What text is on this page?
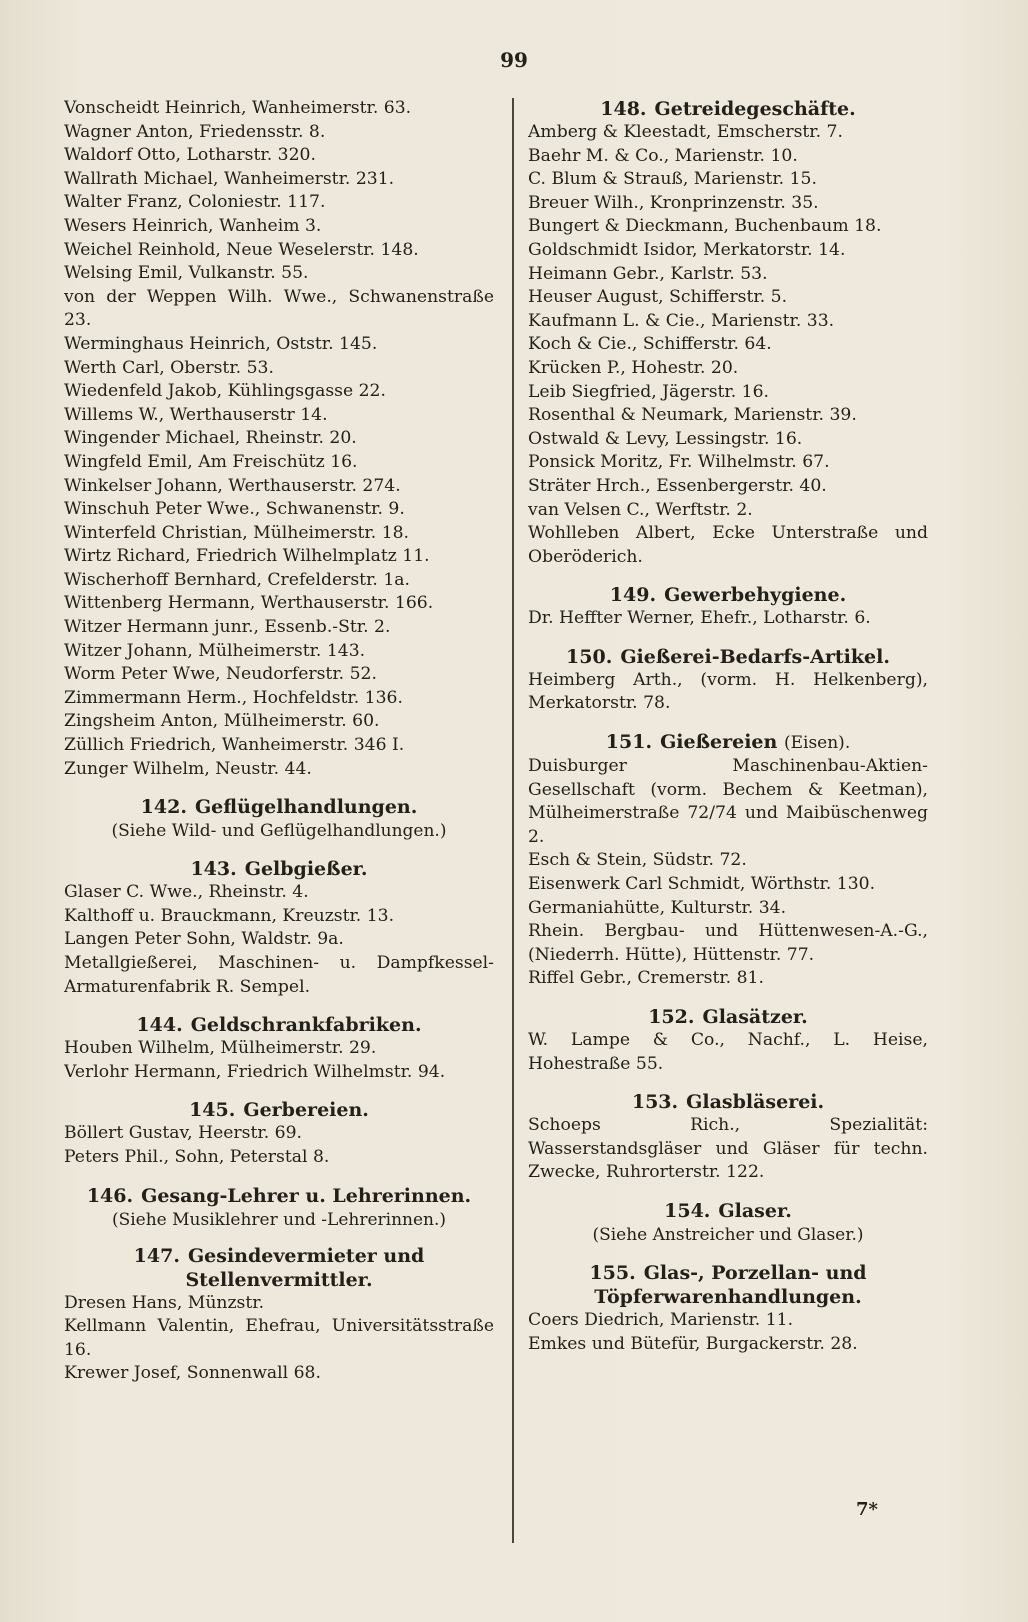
99
Vonscheidt Heinrich, Wanheimerstr. 63.
Wagner Anton, Friedensstr. 8.
Waldorf Otto, Lotharstr. 320.
Wallrath Michael, Wanheimerstr. 231.
Walter Franz, Coloniestr. 117.
Wesers Heinrich, Wanheim 3.
Weichel Reinhold, Neue Weselerstr. 148.
Welsing Emil, Vulkanstr. 55.
von der Weppen Wilh. Wwe., Schwanenstraße 23.
Werminghaus Heinrich, Oststr. 145.
Werth Carl, Oberstr. 53.
Wiedenfeld Jakob, Kühlingsgasse 22.
Willems W., Werthauserstr 14.
Wingender Michael, Rheinstr. 20.
Wingfeld Emil, Am Freischütz 16.
Winkelser Johann, Werthauserstr. 274.
Winschuh Peter Wwe., Schwanenstr. 9.
Winterfeld Christian, Mülheimerstr. 18.
Wirtz Richard, Friedrich Wilhelmplatz 11.
Wischerhoff Bernhard, Crefelderstr. 1a.
Wittenberg Hermann, Werthauserstr. 166.
Witzer Hermann junr., Essenb.-Str. 2.
Witzer Johann, Mülheimerstr. 143.
Worm Peter Wwe, Neudorferstr. 52.
Zimmermann Herm., Hochfeldstr. 136.
Zingsheim Anton, Mülheimerstr. 60.
Züllich Friedrich, Wanheimerstr. 346 I.
Zunger Wilhelm, Neustr. 44.
142. Geflügelhandlungen.
(Siehe Wild- und Geflügelhandlungen.)
143. Gelbgießer.
Glaser C. Wwe., Rheinstr. 4.
Kalthoff u. Brauckmann, Kreuzstr. 13.
Langen Peter Sohn, Waldstr. 9a.
Metallgießerei, Maschinen- u. Dampfkessel-Armaturenfabrik R. Sempel.
144. Geldschrankfabriken.
Houben Wilhelm, Mülheimerstr. 29.
Verlohr Hermann, Friedrich Wilhelmstr. 94.
145. Gerbereien.
Böllert Gustav, Heerstr. 69.
Peters Phil., Sohn, Peterstal 8.
146. Gesang-Lehrer u. Lehrerinnen.
(Siehe Musiklehrer und -Lehrerinnen.)
147. Gesindevermieter und Stellenvermittler.
Dresen Hans, Münzstr.
Kellmann Valentin, Ehefrau, Universitätsstraße 16.
Krewer Josef, Sonnenwall 68.
148. Getreidegeschäfte.
Amberg & Kleestadt, Emscherstr. 7.
Baehr M. & Co., Marienstr. 10.
C. Blum & Strauß, Marienstr. 15.
Breuer Wilh., Kronprinzenstr. 35.
Bungert & Dieckmann, Buchenbaum 18.
Goldschmidt Isidor, Merkatorstr. 14.
Heimann Gebr., Karlstr. 53.
Heuser August, Schifferstr. 5.
Kaufmann L. & Cie., Marienstr. 33.
Koch & Cie., Schifferstr. 64.
Krücken P., Hohestr. 20.
Leib Siegfried, Jägerstr. 16.
Rosenthal & Neumark, Marienstr. 39.
Ostwald & Levy, Lessingstr. 16.
Ponsick Moritz, Fr. Wilhelmstr. 67.
Sträter Hrch., Essenbergerstr. 40.
van Velsen C., Werftstr. 2.
Wohlleben Albert, Ecke Unterstraße und Oberöderich.
149. Gewerbehygiene.
Dr. Heffter Werner, Ehefr., Lotharstr. 6.
150. Gießerei-Bedarfs-Artikel.
Heimberg Arth., (vorm. H. Helkenberg), Merkatorstr. 78.
151. Gießereien (Eisen).
Duisburger Maschinenbau-Aktien-Gesellschaft (vorm. Bechem & Keetman), Mülheimerstraße 72/74 und Maibüschenweg 2.
Esch & Stein, Südstr. 72.
Eisenwerk Carl Schmidt, Wörthstr. 130.
Germaniahütte, Kulturstr. 34.
Rhein. Bergbau- und Hüttenwesen-A.-G., (Niederrh. Hütte), Hüttenstr. 77.
Riffel Gebr., Cremerstr. 81.
152. Glasätzer.
W. Lampe & Co., Nachf., L. Heise, Hohestraße 55.
153. Glasbläserei.
Schoeps Rich., Spezialität: Wasserstandsgläser und Gläser für techn. Zwecke, Ruhrorterstr. 122.
154. Glaser.
(Siehe Anstreicher und Glaser.)
155. Glas-, Porzellan- und Töpferwarenhandlungen.
Coers Diedrich, Marienstr. 11.
Emkes und Bütefür, Burgackerstr. 28.
7*
